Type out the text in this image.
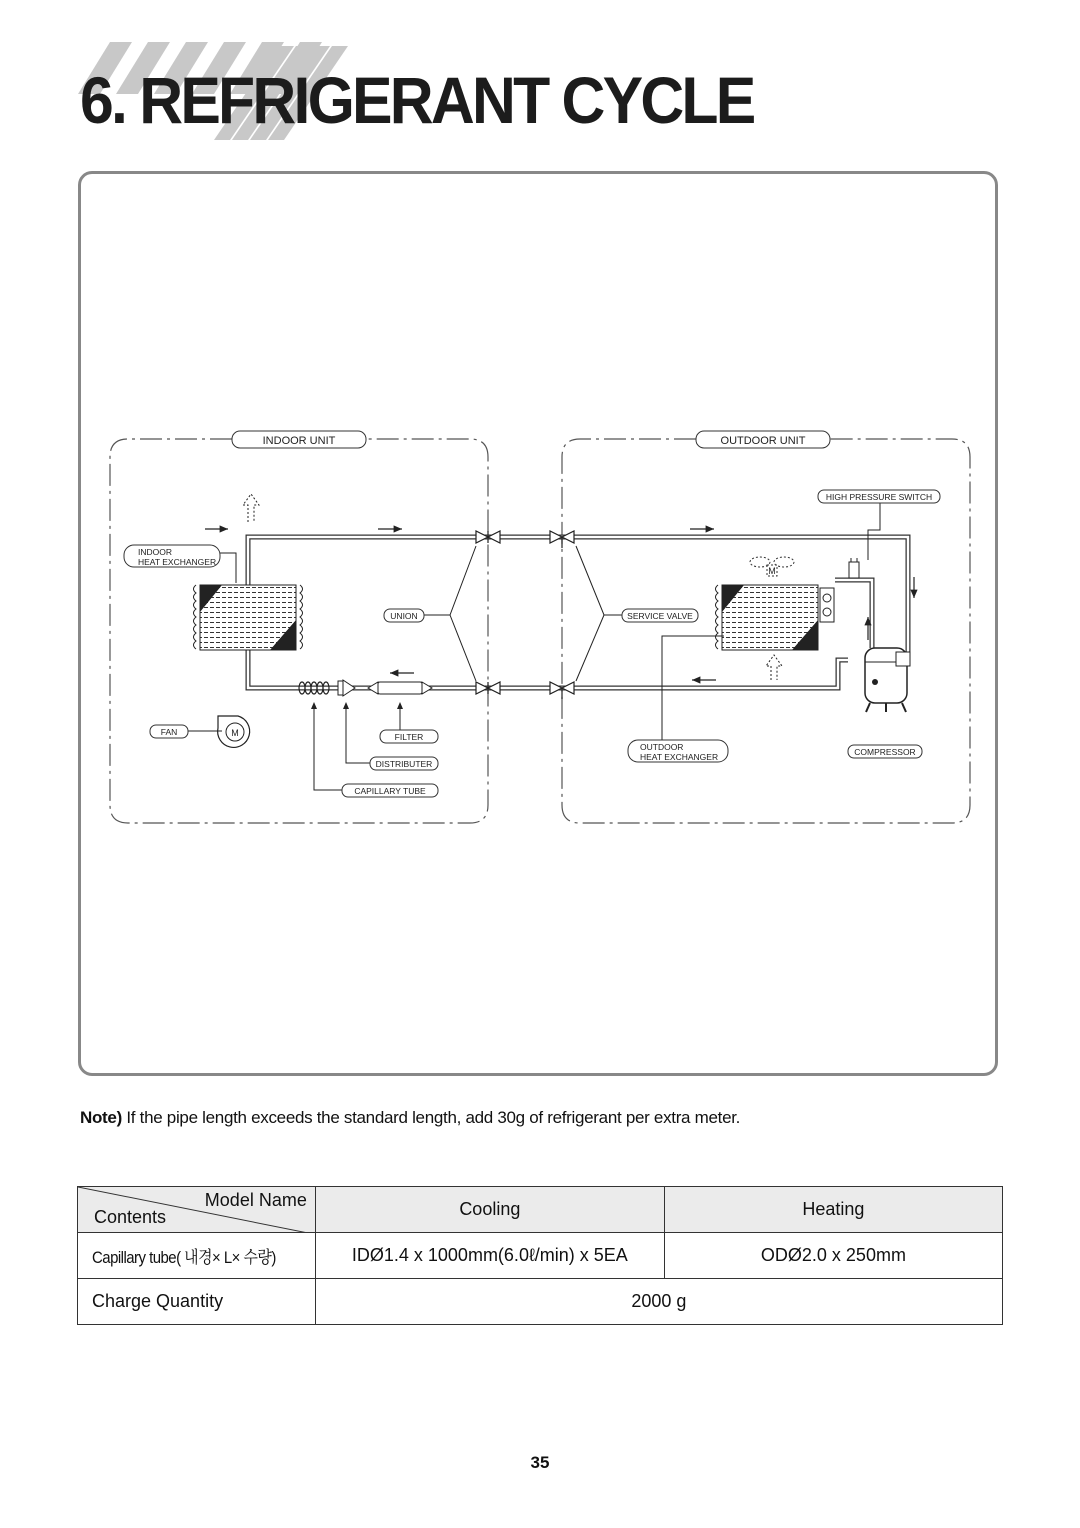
6. REFRIGERANT CYCLE
INDOOR UNIT	OUTDOOR UNIT
M
M
INDOOR
HEAT EXCHANGER
UNION	SERVICE VALVE
HIGH PRESSURE SWITCH
FAN	FILTER
DISTRIBUTER
CAPILLARY TUBE
OUTDOOR
HEAT EXCHANGER	COMPRESSOR
Note) If the pipe length exceeds the standard length, add 30g of refrigerant per extra meter.
Model Name
Contents	Cooling	Heating
Capillary tube( 내경× L× 수량)	IDØ1.4 x 1000mm(6.0ℓ/min) x 5EA	ODØ2.0 x 250mm
Charge Quantity	2000 g	
35
